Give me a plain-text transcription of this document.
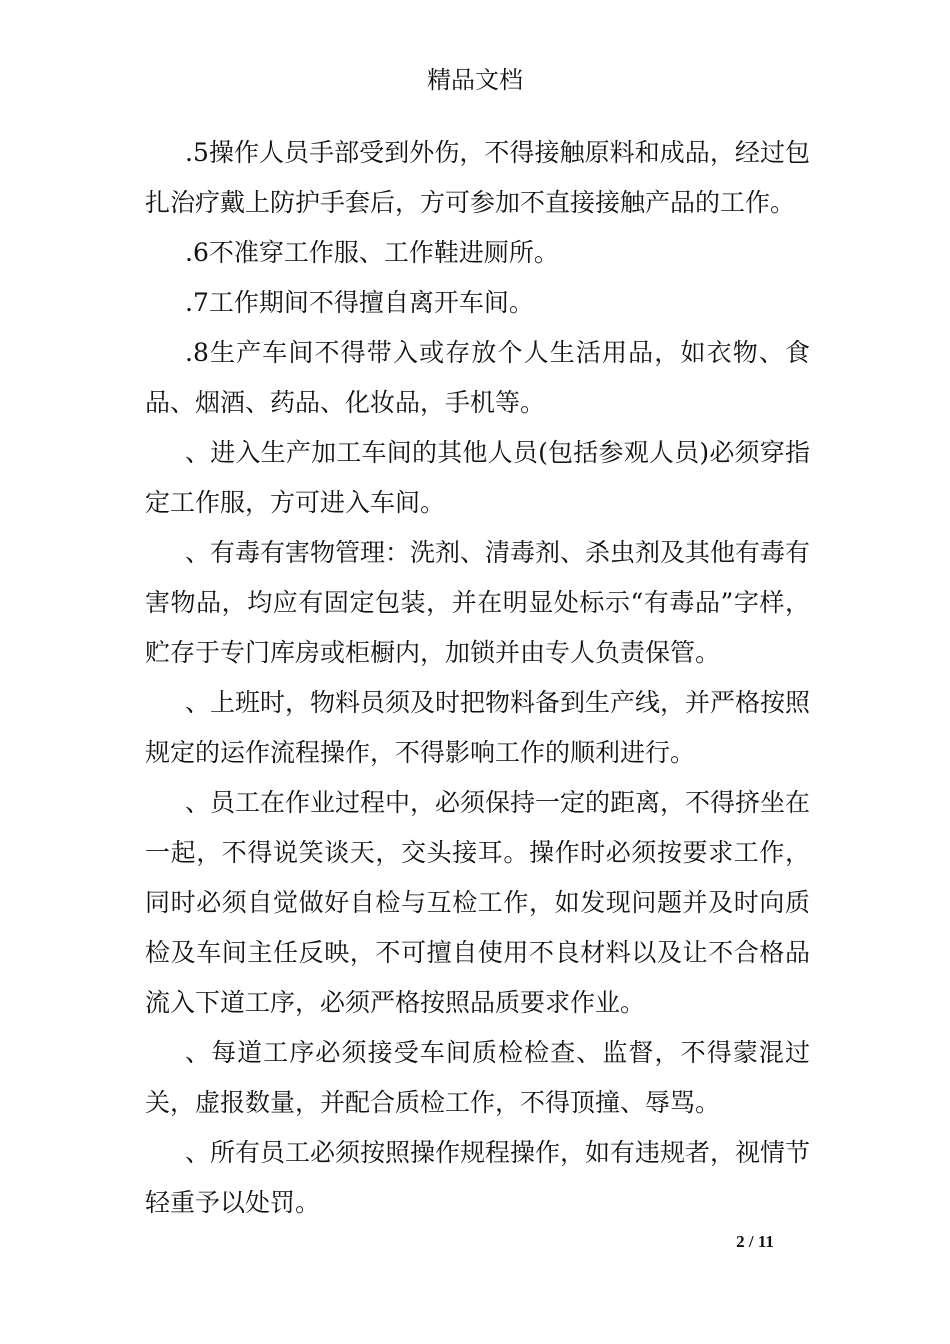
精品文档

.5操作人员手部受到外伤，不得接触原料和成品，经过包扎治疗戴上防护手套后，方可参加不直接接触产品的工作。

.6不准穿工作服、工作鞋进厕所。

.7工作期间不得擅自离开车间。

.8生产车间不得带入或存放个人生活用品，如衣物、食品、烟酒、药品、化妆品，手机等。

、进入生产加工车间的其他人员(包括参观人员)必须穿指定工作服，方可进入车间。

、有毒有害物管理：洗剂、清毒剂、杀虫剂及其他有毒有害物品，均应有固定包装，并在明显处标示“有毒品”字样，贮存于专门库房或柜橱内，加锁并由专人负责保管。

、上班时，物料员须及时把物料备到生产线，并严格按照规定的运作流程操作，不得影响工作的顺利进行。

、员工在作业过程中，必须保持一定的距离，不得挤坐在一起，不得说笑谈天，交头接耳。操作时必须按要求工作，同时必须自觉做好自检与互检工作，如发现问题并及时向质检及车间主任反映，不可擅自使用不良材料以及让不合格品流入下道工序，必须严格按照品质要求作业。

、每道工序必须接受车间质检检查、监督，不得蒙混过关，虚报数量，并配合质检工作，不得顶撞、辱骂。

、所有员工必须按照操作规程操作，如有违规者，视情节轻重予以处罚。

2 / 11
